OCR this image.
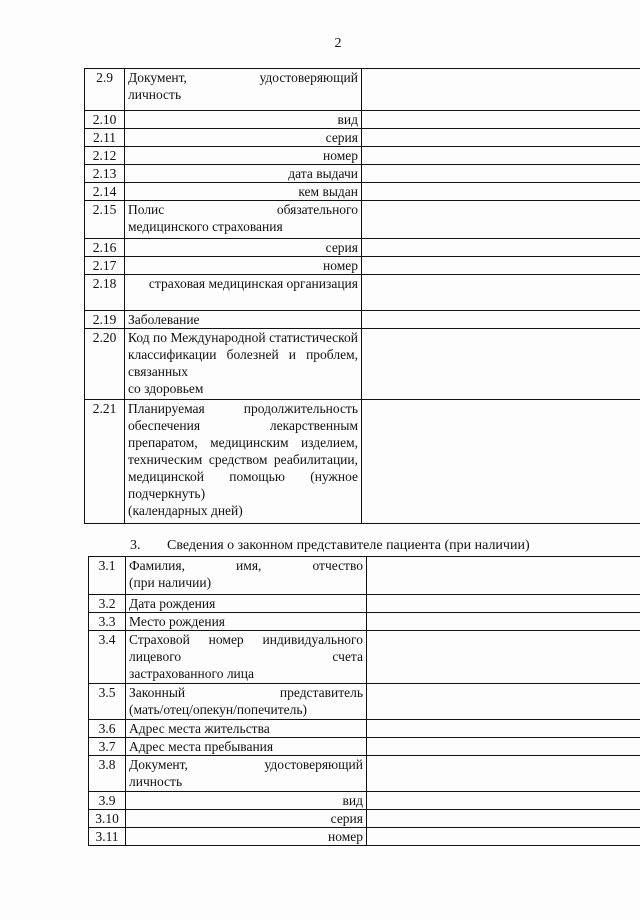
2
2.9	Документ, удостоверяющий
личность	

2.10	вид	
2.11	серия	
2.12	номер	
2.13	дата выдачи	
2.14	кем выдан	
2.15	Полис обязательного
медицинского страхования	

2.16	серия	
2.17	номер	
2.18	страховая медицинская организация	
2.19	Заболевание	
2.20	Код по Международной статистической классификации болезней и проблем, связанных
со здоровьем	

2.21	Планируемая продолжительность обеспечения лекарственным препаратом, медицинским изделием, техническим средством реабилитации, медицинской помощью (нужное подчеркнуть)
(календарных дней)	

3. Сведения о законном представителе пациента (при наличии)
3.1	Фамилия, имя, отчество
(при наличии)	

3.2	Дата рождения	
3.3	Место рождения	
3.4	Страховой номер индивидуального лицевого счета
застрахованного лица	

3.5	Законный представитель
(мать/отец/опекун/попечитель)	

3.6	Адрес места жительства	
3.7	Адрес места пребывания	
3.8	Документ, удостоверяющий
личность	

3.9	вид	
3.10	серия	
3.11	номер	
